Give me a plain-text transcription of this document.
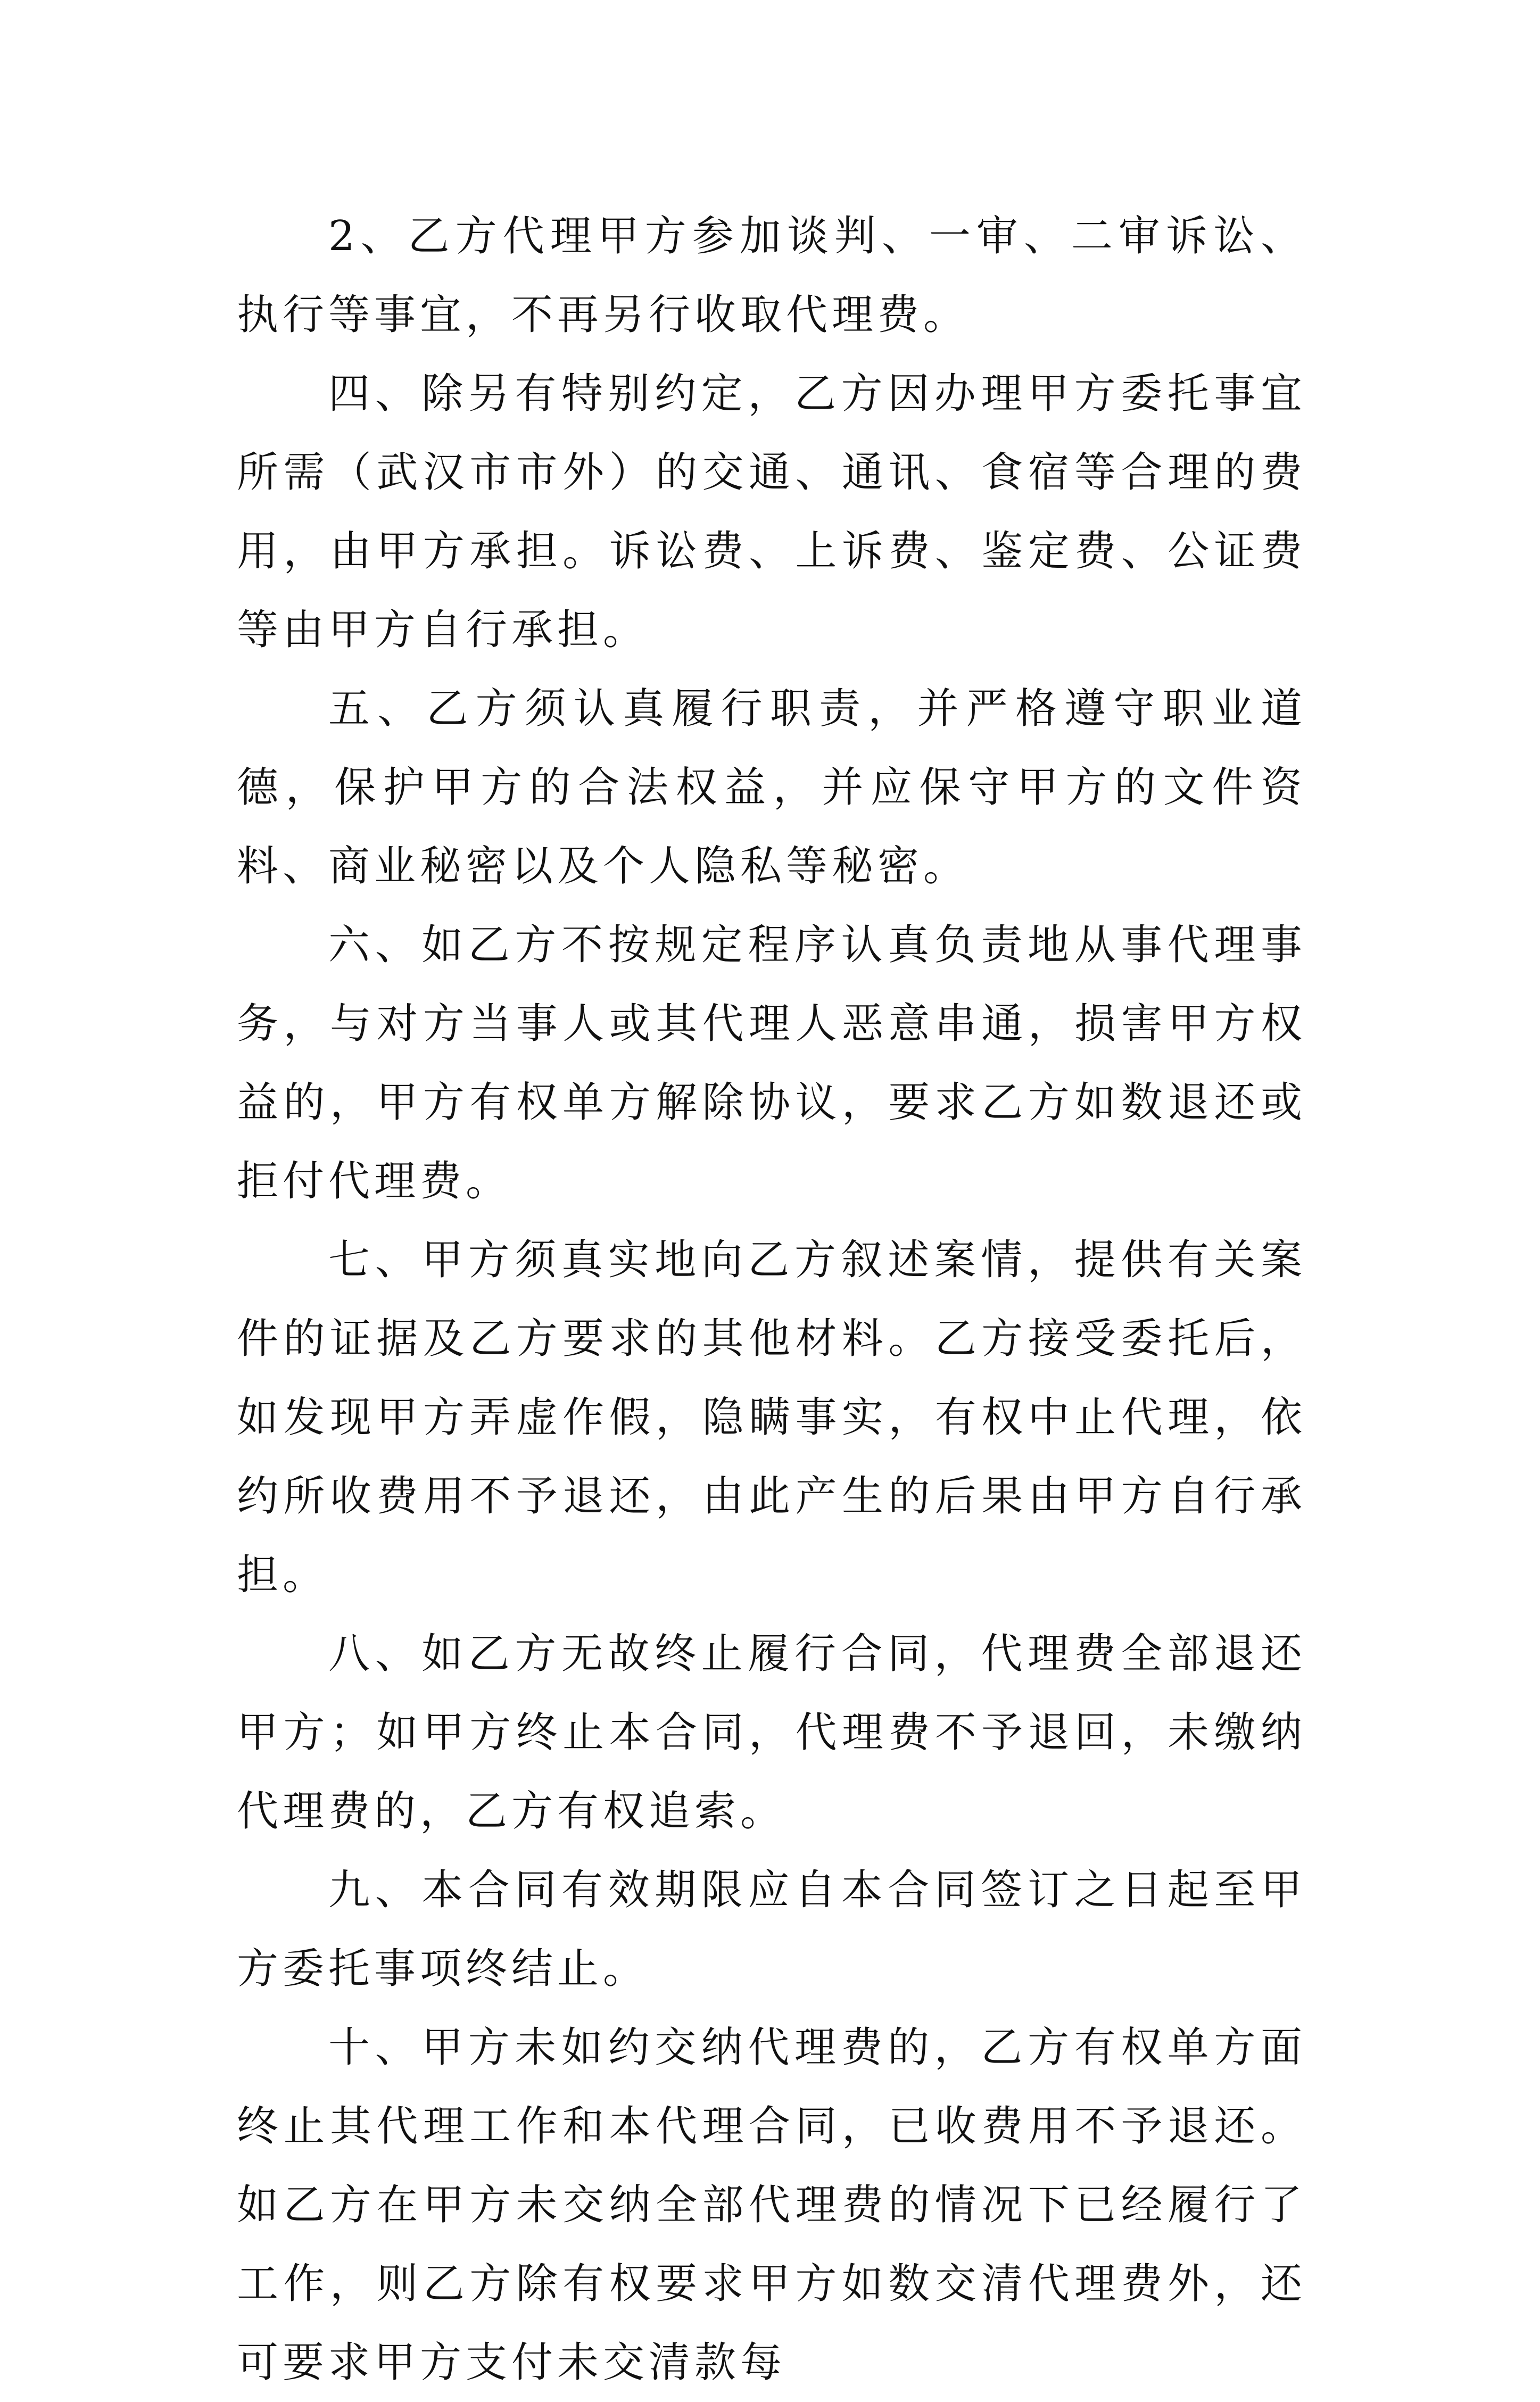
2、乙方代理甲方参加谈判、一审、二审诉讼、执行等事宜，不再另行收取代理费。

四、除另有特别约定，乙方因办理甲方委托事宜所需（武汉市市外）的交通、通讯、食宿等合理的费用，由甲方承担。诉讼费、上诉费、鉴定费、公证费等由甲方自行承担。

五、乙方须认真履行职责，并严格遵守职业道德，保护甲方的合法权益，并应保守甲方的文件资料、商业秘密以及个人隐私等秘密。

六、如乙方不按规定程序认真负责地从事代理事务，与对方当事人或其代理人恶意串通，损害甲方权益的，甲方有权单方解除协议，要求乙方如数退还或拒付代理费。

七、甲方须真实地向乙方叙述案情，提供有关案件的证据及乙方要求的其他材料。乙方接受委托后，如发现甲方弄虚作假，隐瞒事实，有权中止代理，依约所收费用不予退还，由此产生的后果由甲方自行承担。

八、如乙方无故终止履行合同，代理费全部退还甲方；如甲方终止本合同，代理费不予退回，未缴纳代理费的，乙方有权追索。

九、本合同有效期限应自本合同签订之日起至甲方委托事项终结止。

十、甲方未如约交纳代理费的，乙方有权单方面终止其代理工作和本代理合同，已收费用不予退还。如乙方在甲方未交纳全部代理费的情况下已经履行了工作，则乙方除有权要求甲方如数交清代理费外，还可要求甲方支付未交清款每
